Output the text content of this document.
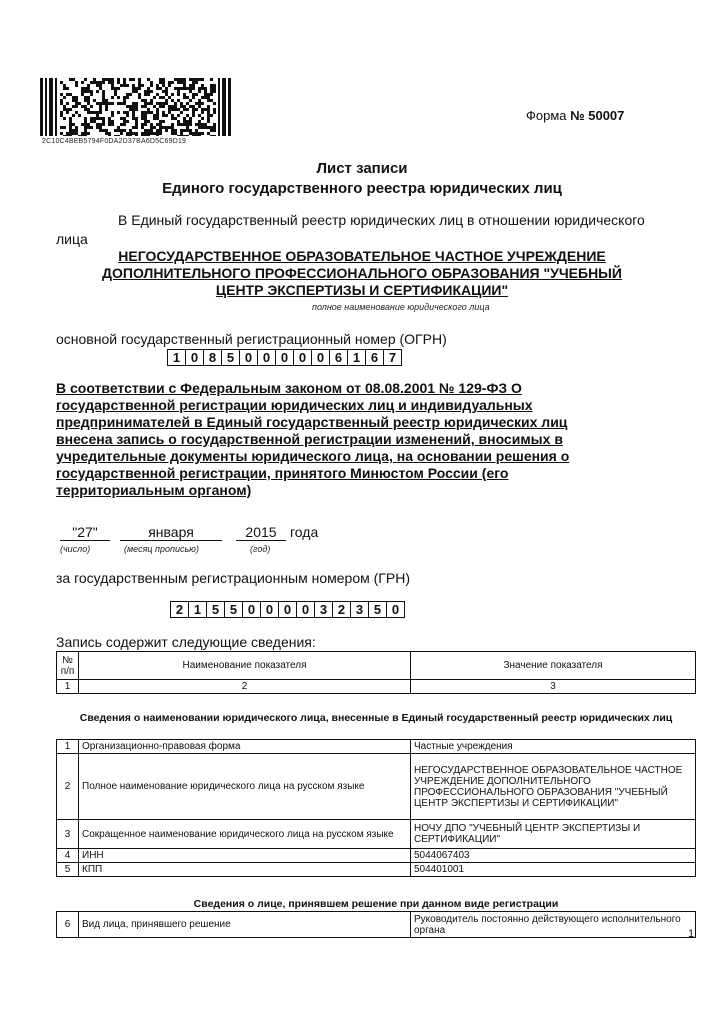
2C10C4BEB5794F0DA2D37BA6D5C69D19
Форма № 50007
Лист записи
Единого государственного реестра юридических лиц
В Единый государственный реестр юридических лиц в отношении юридического
лица
НЕГОСУДАРСТВЕННОЕ ОБРАЗОВАТЕЛЬНОЕ ЧАСТНОЕ УЧРЕЖДЕНИЕ
ДОПОЛНИТЕЛЬНОГО ПРОФЕССИОНАЛЬНОГО ОБРАЗОВАНИЯ "УЧЕБНЫЙ
ЦЕНТР ЭКСПЕРТИЗЫ И СЕРТИФИКАЦИИ"
полное наименование юридического лица
основной государственный регистрационный номер (ОГРН)
1 0 8 5 0 0 0 0 0 6 1 6 7
В соответствии с Федеральным законом от 08.08.2001 № 129-ФЗ О
государственной регистрации юридических лиц и индивидуальных
предпринимателей в Единый государственный реестр юридических лиц
внесена запись о государственной регистрации изменений, вносимых в
учредительные документы юридического лица, на основании решения о
государственной регистрации, принятого Минюстом России (его
территориальным органом)
"27"	января	2015 года
(число)	(месяц прописью)	(год)
за государственным регистрационным номером (ГРН)
2 1 5 5 0 0 0 0 3 2 3 5 0
Запись содержит следующие сведения:
№ п/п	Наименование показателя	Значение показателя
1	2	3
Сведения о наименовании юридического лица, внесенные в Единый государственный реестр юридических лиц
1	Организационно-правовая форма	Частные учреждения
2	Полное наименование юридического лица на русском языке	НЕГОСУДАРСТВЕННОЕ ОБРАЗОВАТЕЛЬНОЕ ЧАСТНОЕ УЧРЕЖДЕНИЕ ДОПОЛНИТЕЛЬНОГО ПРОФЕССИОНАЛЬНОГО ОБРАЗОВАНИЯ "УЧЕБНЫЙ ЦЕНТР ЭКСПЕРТИЗЫ И СЕРТИФИКАЦИИ"
3	Сокращенное наименование юридического лица на русском языке	НОЧУ ДПО "УЧЕБНЫЙ ЦЕНТР ЭКСПЕРТИЗЫ И СЕРТИФИКАЦИИ"
4	ИНН	5044067403
5	КПП	504401001
Сведения о лице, принявшем решение при данном виде регистрации
6	Вид лица, принявшего решение	Руководитель постоянно действующего исполнительного органа	1
